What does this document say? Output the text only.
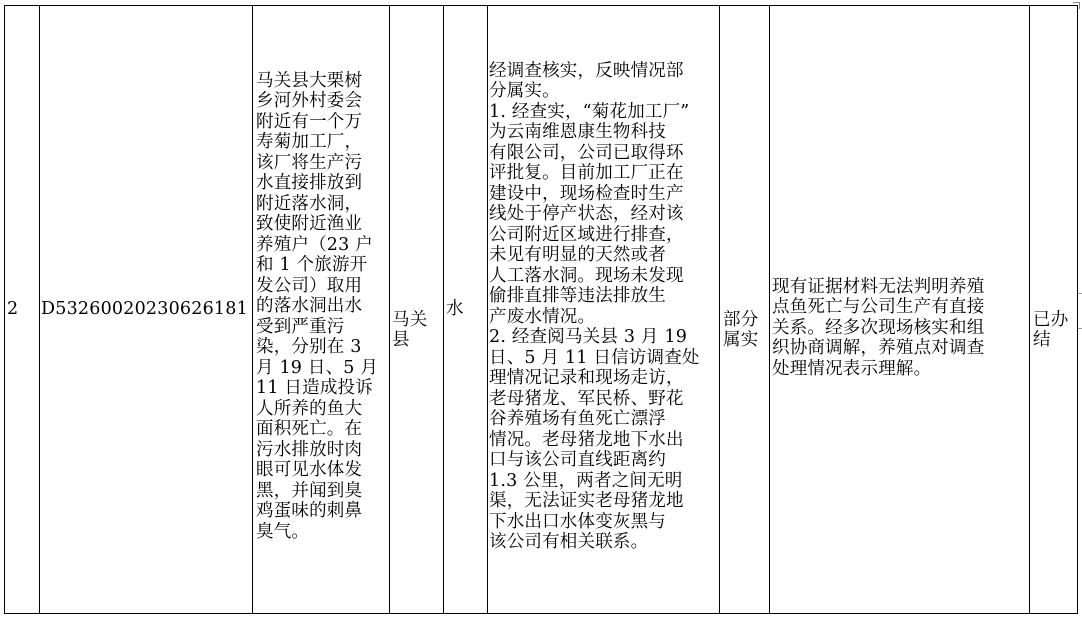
2 D53260020230626181

马关县大栗树
乡河外村委会
附近有一个万
寿菊加工厂，
该厂将生产污
水直接排放到
附近落水洞，
致使附近渔业
养殖户（23 户
和 1 个旅游开
发公司）取用
的落水洞出水
受到严重污
染，分别在 3
月 19 日、5 月
11 日造成投诉
人所养的鱼大
面积死亡。在
污水排放时肉
眼可见水体发
黑，并闻到臭
鸡蛋味的刺鼻
臭气。

马关
县

水

经调查核实，反映情况部
分属实。
1. 经查实，“菊花加工厂”
为云南维恩康生物科技
有限公司，公司已取得环
评批复。目前加工厂正在
建设中，现场检查时生产
线处于停产状态，经对该
公司附近区域进行排查，
未见有明显的天然或者
人工落水洞。现场未发现
偷排直排等违法排放生
产废水情况。
2. 经查阅马关县 3 月 19
日、5 月 11 日信访调查处
理情况记录和现场走访，
老母猪龙、军民桥、野花
谷养殖场有鱼死亡漂浮
情况。老母猪龙地下水出
口与该公司直线距离约
1.3 公里，两者之间无明
渠，无法证实老母猪龙地
下水出口水体变灰黑与
该公司有相关联系。

部分
属实

现有证据材料无法判明养殖
点鱼死亡与公司生产有直接
关系。经多次现场核实和组
织协商调解，养殖点对调查
处理情况表示理解。

已办
结
